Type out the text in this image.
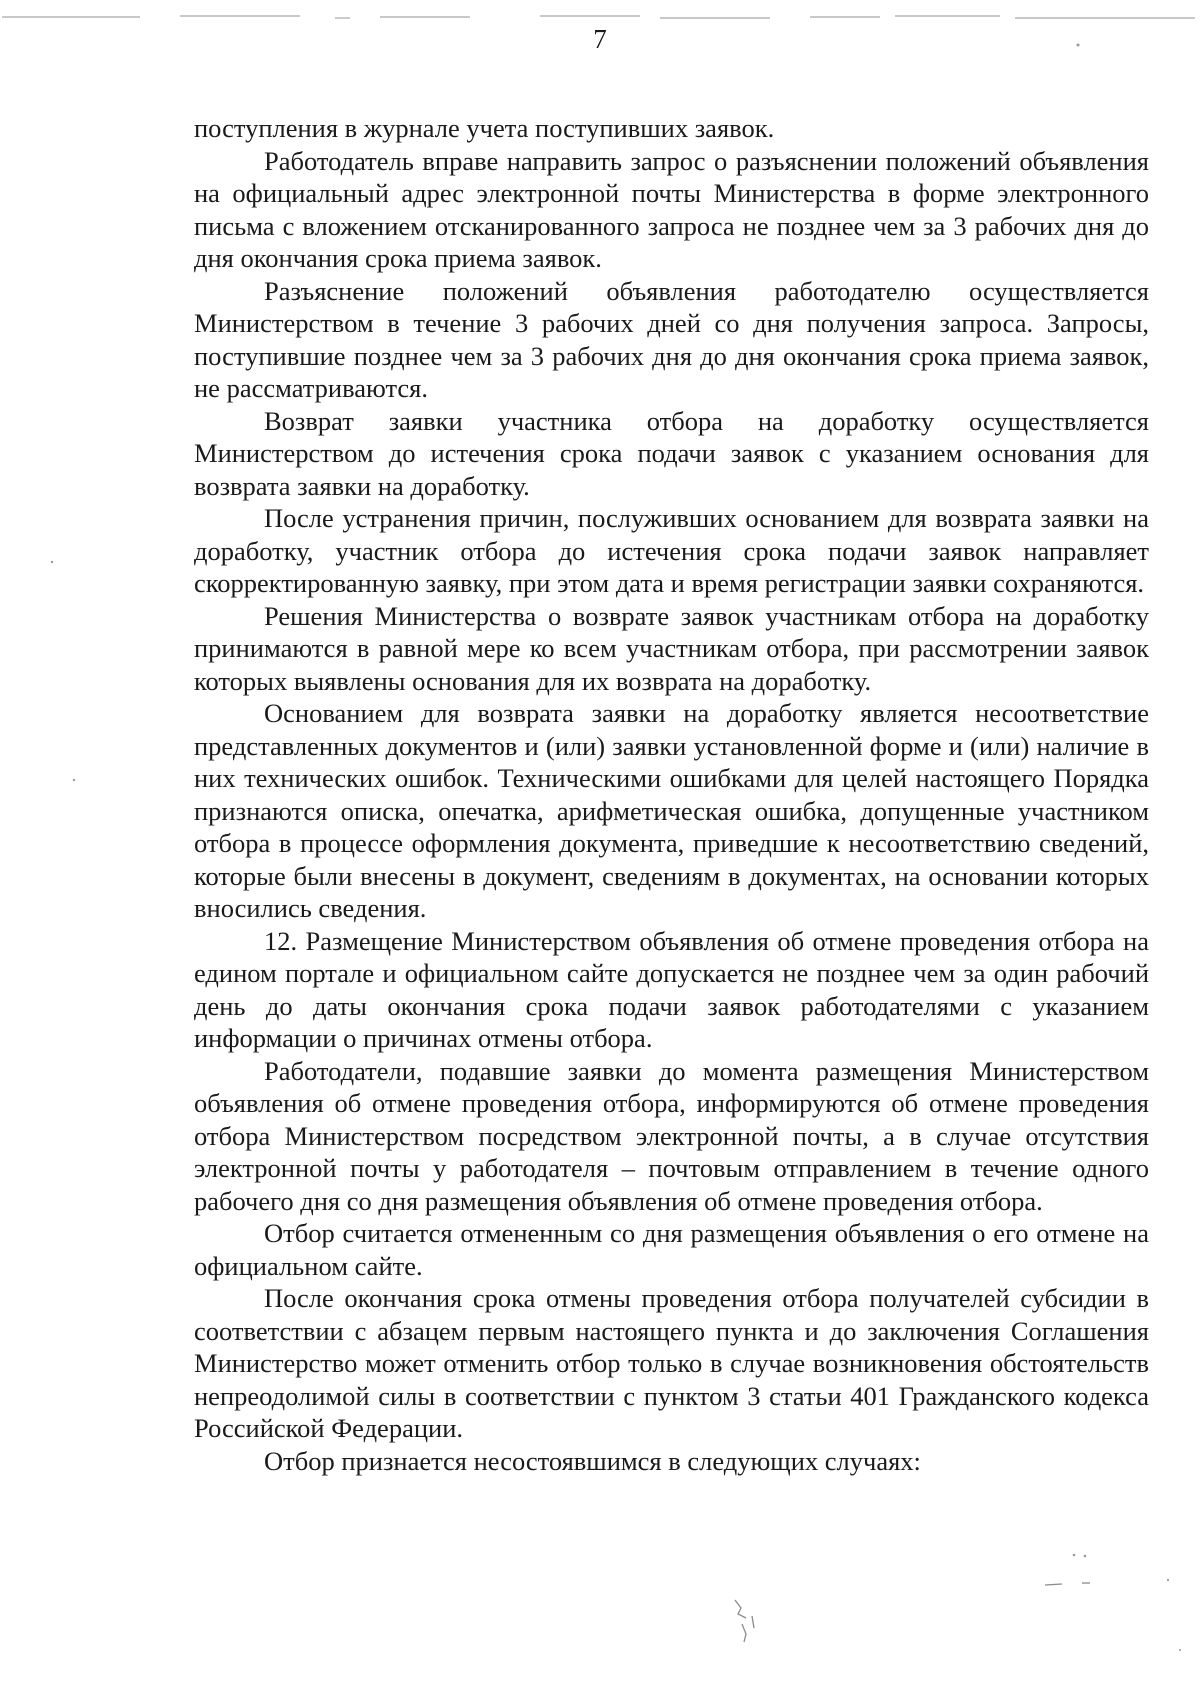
7

поступления в журнале учета поступивших заявок.

Работодатель вправе направить запрос о разъяснении положений объявления на официальный адрес электронной почты Министерства в форме электронного письма с вложением отсканированного запроса не позднее чем за 3 рабочих дня до дня окончания срока приема заявок.

Разъяснение положений объявления работодателю осуществляется Министерством в течение 3 рабочих дней со дня получения запроса. Запросы, поступившие позднее чем за 3 рабочих дня до дня окончания срока приема заявок, не рассматриваются.

Возврат заявки участника отбора на доработку осуществляется Министерством до истечения срока подачи заявок с указанием основания для возврата заявки на доработку.

После устранения причин, послуживших основанием для возврата заявки на доработку, участник отбора до истечения срока подачи заявок направляет скорректированную заявку, при этом дата и время регистрации заявки сохраняются.

Решения Министерства о возврате заявок участникам отбора на доработку принимаются в равной мере ко всем участникам отбора, при рассмотрении заявок которых выявлены основания для их возврата на доработку.

Основанием для возврата заявки на доработку является несоответствие представленных документов и (или) заявки установленной форме и (или) наличие в них технических ошибок. Техническими ошибками для целей настоящего Порядка признаются описка, опечатка, арифметическая ошибка, допущенные участником отбора в процессе оформления документа, приведшие к несоответствию сведений, которые были внесены в документ, сведениям в документах, на основании которых вносились сведения.

12. Размещение Министерством объявления об отмене проведения отбора на едином портале и официальном сайте допускается не позднее чем за один рабочий день до даты окончания срока подачи заявок работодателями с указанием информации о причинах отмены отбора.

Работодатели, подавшие заявки до момента размещения Министерством объявления об отмене проведения отбора, информируются об отмене проведения отбора Министерством посредством электронной почты, а в случае отсутствия электронной почты у работодателя – почтовым отправлением в течение одного рабочего дня со дня размещения объявления об отмене проведения отбора.

Отбор считается отмененным со дня размещения объявления о его отмене на официальном сайте.

После окончания срока отмены проведения отбора получателей субсидии в соответствии с абзацем первым настоящего пункта и до заключения Соглашения Министерство может отменить отбор только в случае возникновения обстоятельств непреодолимой силы в соответствии с пунктом 3 статьи 401 Гражданского кодекса Российской Федерации.

Отбор признается несостоявшимся в следующих случаях:
